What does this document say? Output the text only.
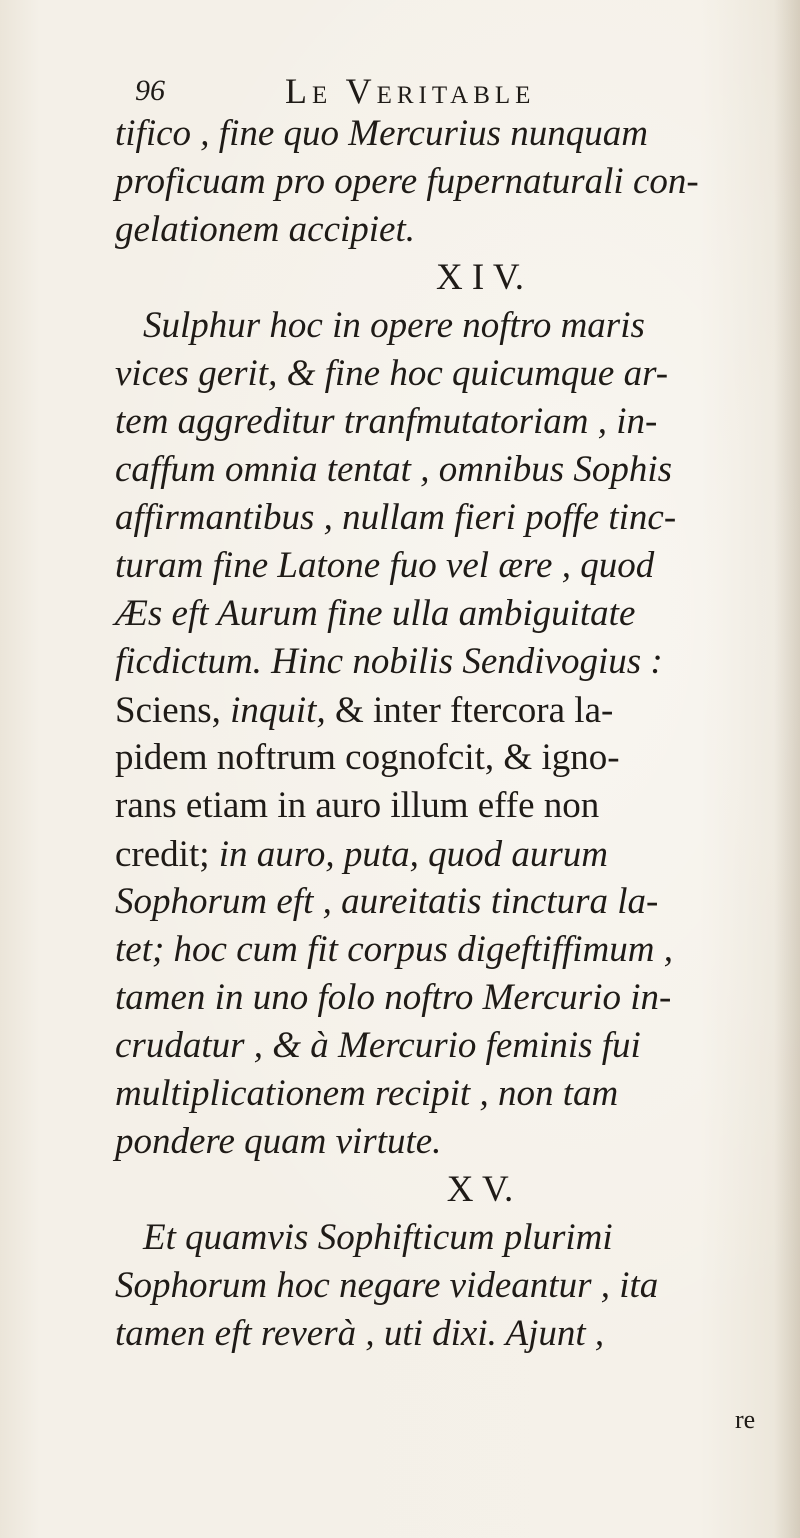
96	Le Veritable
tifico , fine quo Mercurius nunquam
proficuam pro opere fupernaturali con-
gelationem accipiet.
X I V.
Sulphur hoc in opere noftro maris
vices gerit, & fine hoc quicumque ar-
tem aggreditur tranfmutatoriam , in-
caffum omnia tentat , omnibus Sophis
affirmantibus , nullam fieri poffe tinc-
turam fine Latone fuo vel ære , quod
Æs eft Aurum fine ulla ambiguitate
ficdictum. Hinc nobilis Sendivogius :
Sciens, inquit, & inter ftercora la-
pidem noftrum cognofcit, & igno-
rans etiam in auro illum effe non
credit; in auro, puta, quod aurum
Sophorum eft , aureitatis tinctura la-
tet; hoc cum fit corpus digeftiffimum ,
tamen in uno folo noftro Mercurio in-
crudatur , & à Mercurio feminis fui
multiplicationem recipit , non tam
pondere quam virtute.
X V.
Et quamvis Sophifticum plurimi
Sophorum hoc negare videantur , ita
tamen eft reverà , uti dixi. Ajunt ,
re
